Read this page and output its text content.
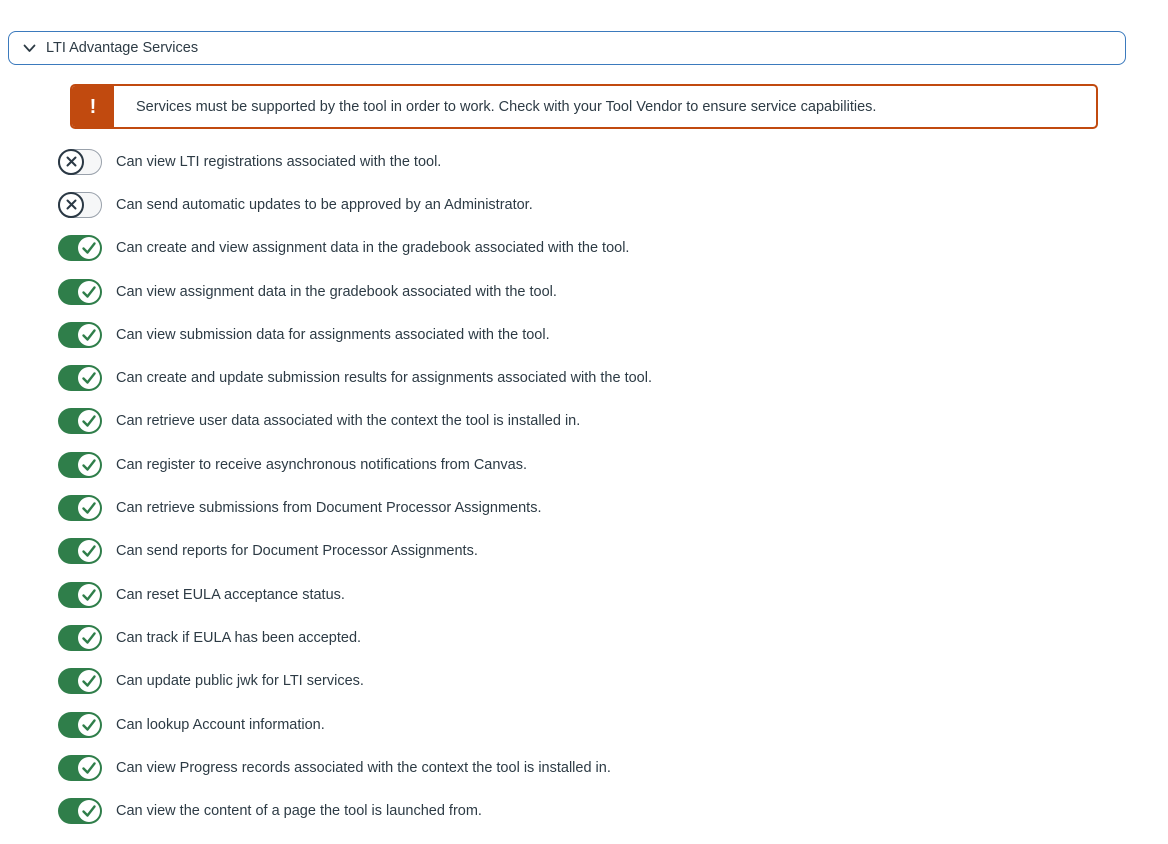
LTI Advantage Services
!	Services must be supported by the tool in order to work. Check with your Tool Vendor to ensure service capabilities.
Can view LTI registrations associated with the tool.
Can send automatic updates to be approved by an Administrator.
Can create and view assignment data in the gradebook associated with the tool.
Can view assignment data in the gradebook associated with the tool.
Can view submission data for assignments associated with the tool.
Can create and update submission results for assignments associated with the tool.
Can retrieve user data associated with the context the tool is installed in.
Can register to receive asynchronous notifications from Canvas.
Can retrieve submissions from Document Processor Assignments.
Can send reports for Document Processor Assignments.
Can reset EULA acceptance status.
Can track if EULA has been accepted.
Can update public jwk for LTI services.
Can lookup Account information.
Can view Progress records associated with the context the tool is installed in.
Can view the content of a page the tool is launched from.
